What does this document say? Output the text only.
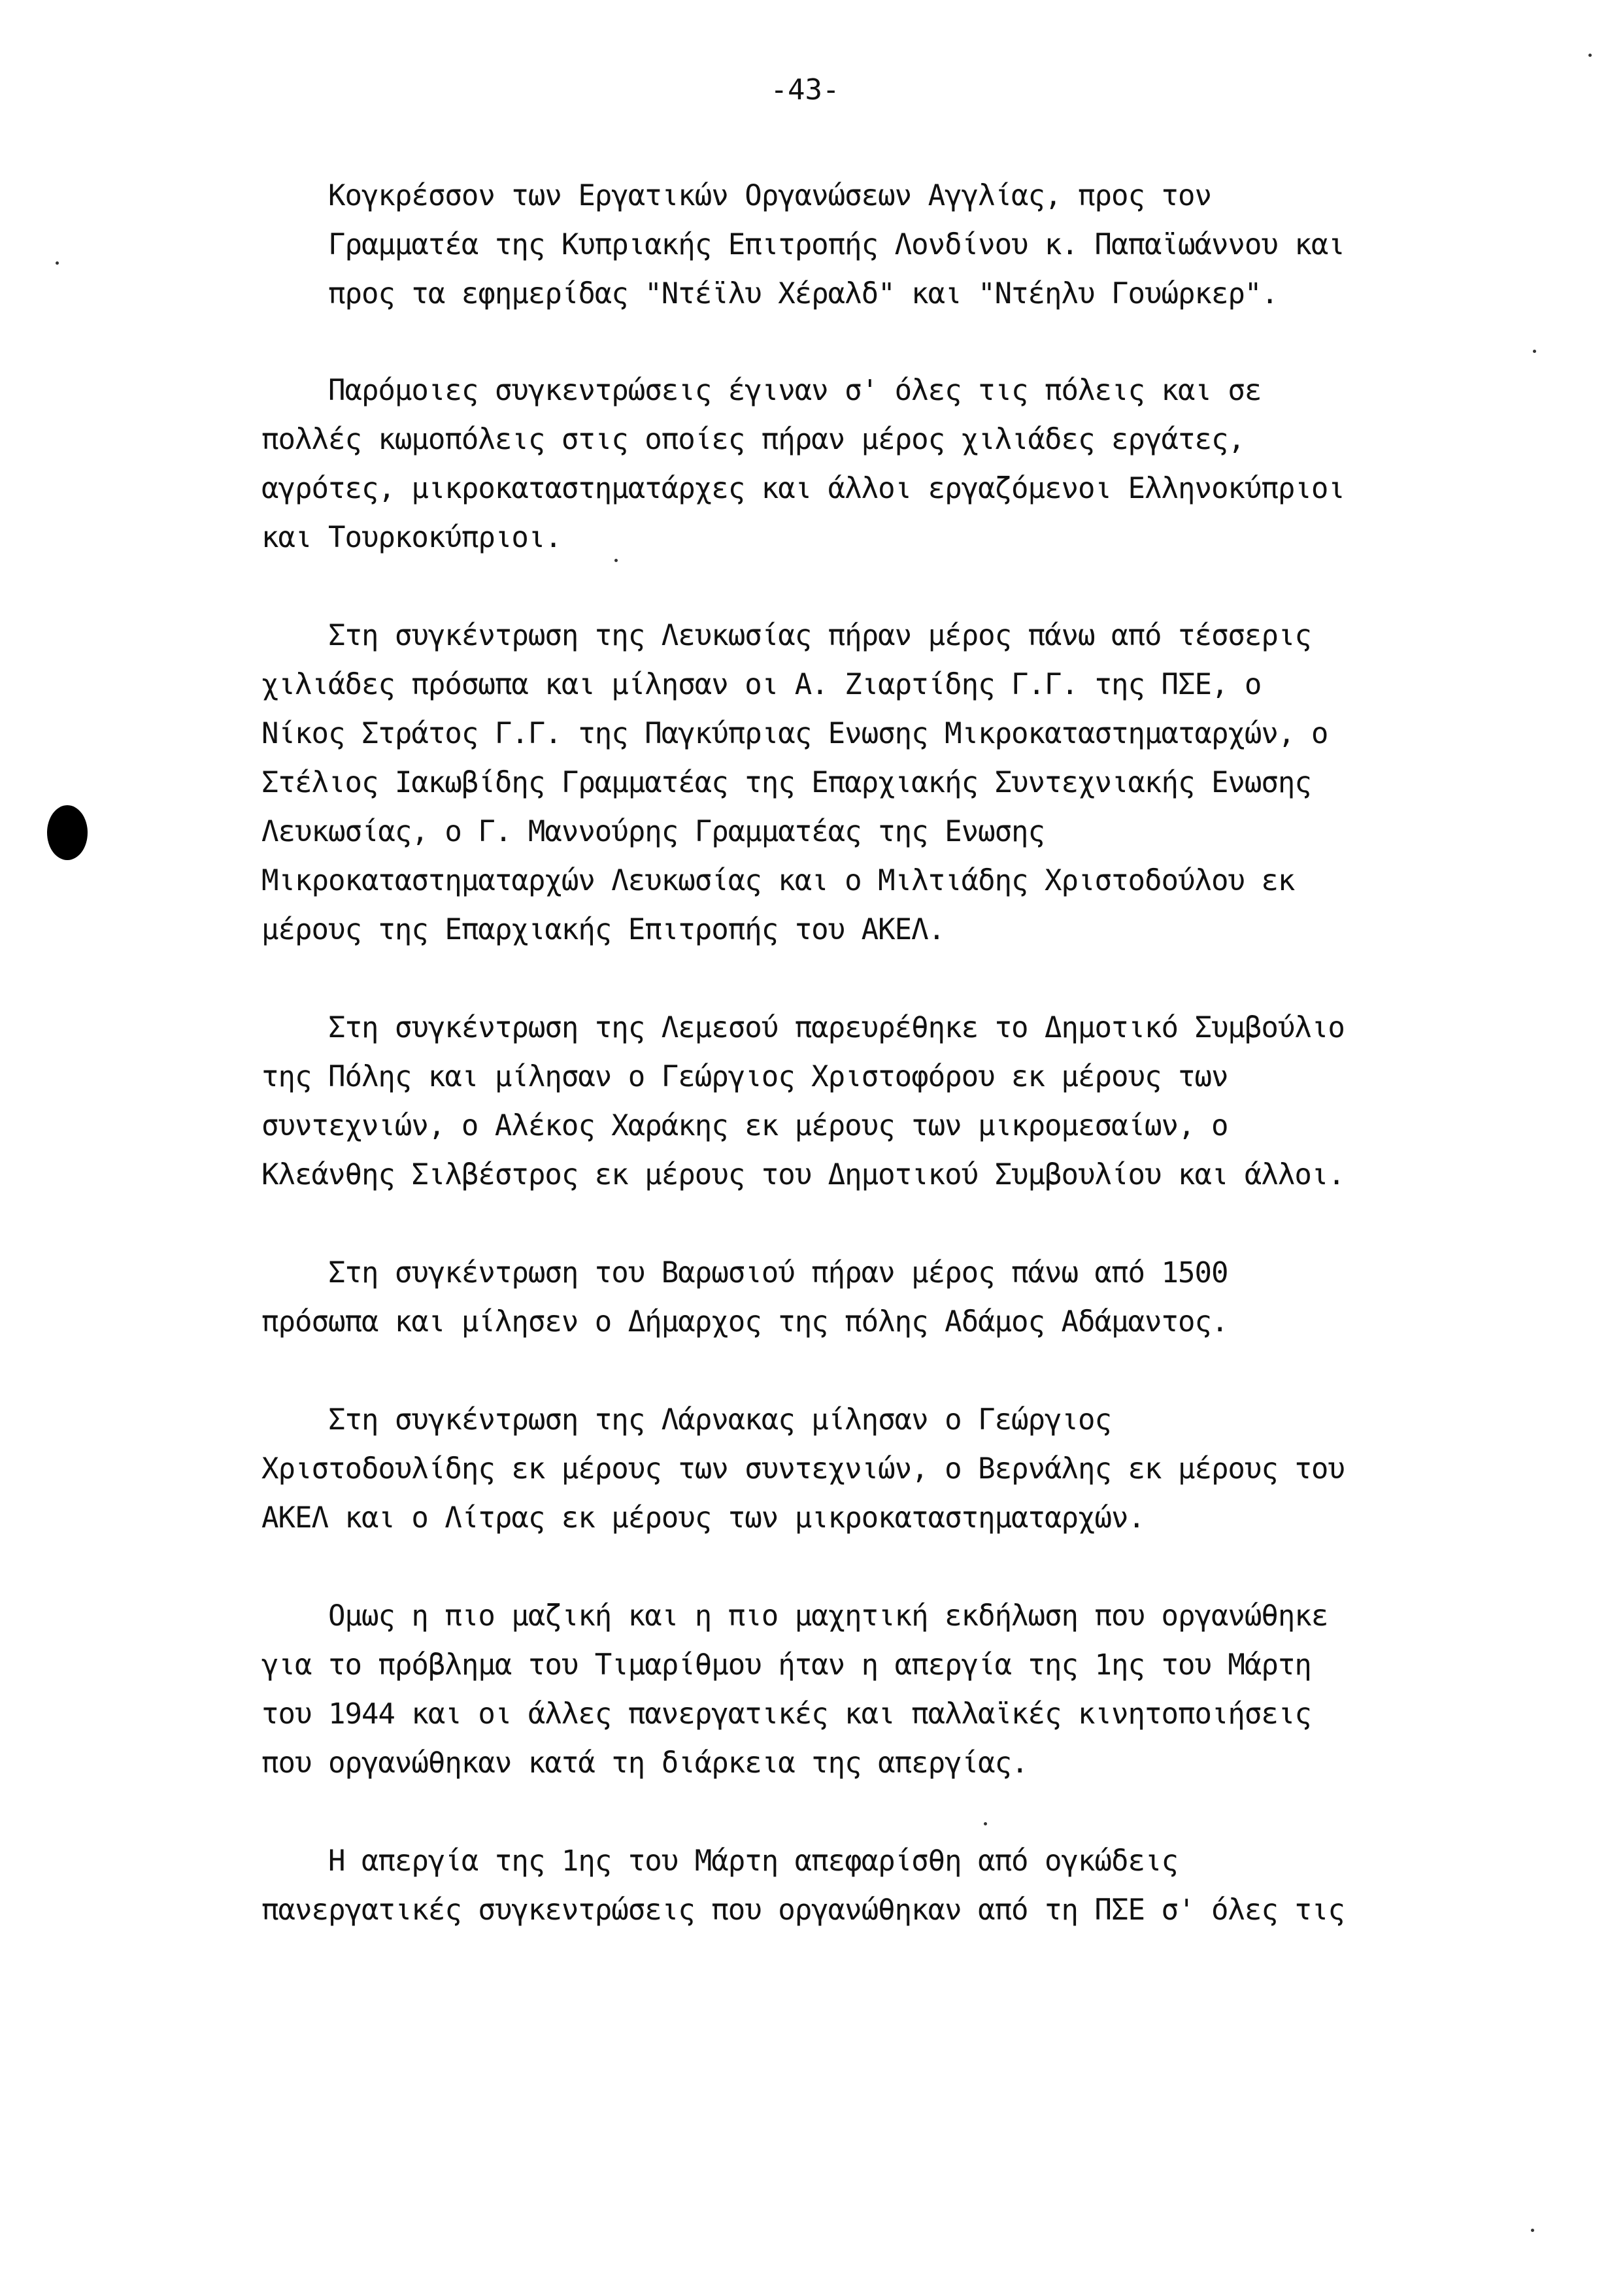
-43-
Κογκρέσσον των Εργατικών Οργανώσεων Αγγλίας, προς τον
Γραμματέα της Κυπριακής Επιτροπής Λονδίνου κ. Παπαϊωάννου και
προς τα εφημερίδας "Ντέϊλυ Χέραλδ" και "Ντέηλυ Γουώρκερ".
Παρόμοιες συγκεντρώσεις έγιναν σ' όλες τις πόλεις και σε
πολλές κωμοπόλεις στις οποίες πήραν μέρος χιλιάδες εργάτες,
αγρότες, μικροκαταστηματάρχες και άλλοι εργαζόμενοι Ελληνοκύπριοι
και Τουρκοκύπριοι.
Στη συγκέντρωση της Λευκωσίας πήραν μέρος πάνω από τέσσερις
χιλιάδες πρόσωπα και μίλησαν οι Α. Ζιαρτίδης Γ.Γ. της ΠΣΕ, ο
Νίκος Στράτος Γ.Γ. της Παγκύπριας Ενωσης Μικροκαταστηματαρχών, ο
Στέλιος Ιακωβίδης Γραμματέας της Επαρχιακής Συντεχνιακής Ενωσης
Λευκωσίας, ο Γ. Μαννούρης Γραμματέας της Ενωσης
Μικροκαταστηματαρχών Λευκωσίας και ο Μιλτιάδης Χριστοδούλου εκ
μέρους της Επαρχιακής Επιτροπής του ΑΚΕΛ.
Στη συγκέντρωση της Λεμεσού παρευρέθηκε το Δημοτικό Συμβούλιο
της Πόλης και μίλησαν ο Γεώργιος Χριστοφόρου εκ μέρους των
συντεχνιών, ο Αλέκος Χαράκης εκ μέρους των μικρομεσαίων, ο
Κλεάνθης Σιλβέστρος εκ μέρους του Δημοτικού Συμβουλίου και άλλοι.
Στη συγκέντρωση του Βαρωσιού πήραν μέρος πάνω από 1500
πρόσωπα και μίλησεν ο Δήμαρχος της πόλης Αδάμος Αδάμαντος.
Στη συγκέντρωση της Λάρνακας μίλησαν ο Γεώργιος
Χριστοδουλίδης εκ μέρους των συντεχνιών, ο Βερνάλης εκ μέρους του
ΑΚΕΛ και ο Λίτρας εκ μέρους των μικροκαταστηματαρχών.
Ομως η πιο μαζική και η πιο μαχητική εκδήλωση που οργανώθηκε
για το πρόβλημα του Τιμαρίθμου ήταν η απεργία της 1ης του Μάρτη
του 1944 και οι άλλες πανεργατικές και παλλαϊκές κινητοποιήσεις
που οργανώθηκαν κατά τη διάρκεια της απεργίας.
Η απεργία της 1ης του Μάρτη απεφαρίσθη από ογκώδεις
πανεργατικές συγκεντρώσεις που οργανώθηκαν από τη ΠΣΕ σ' όλες τις
